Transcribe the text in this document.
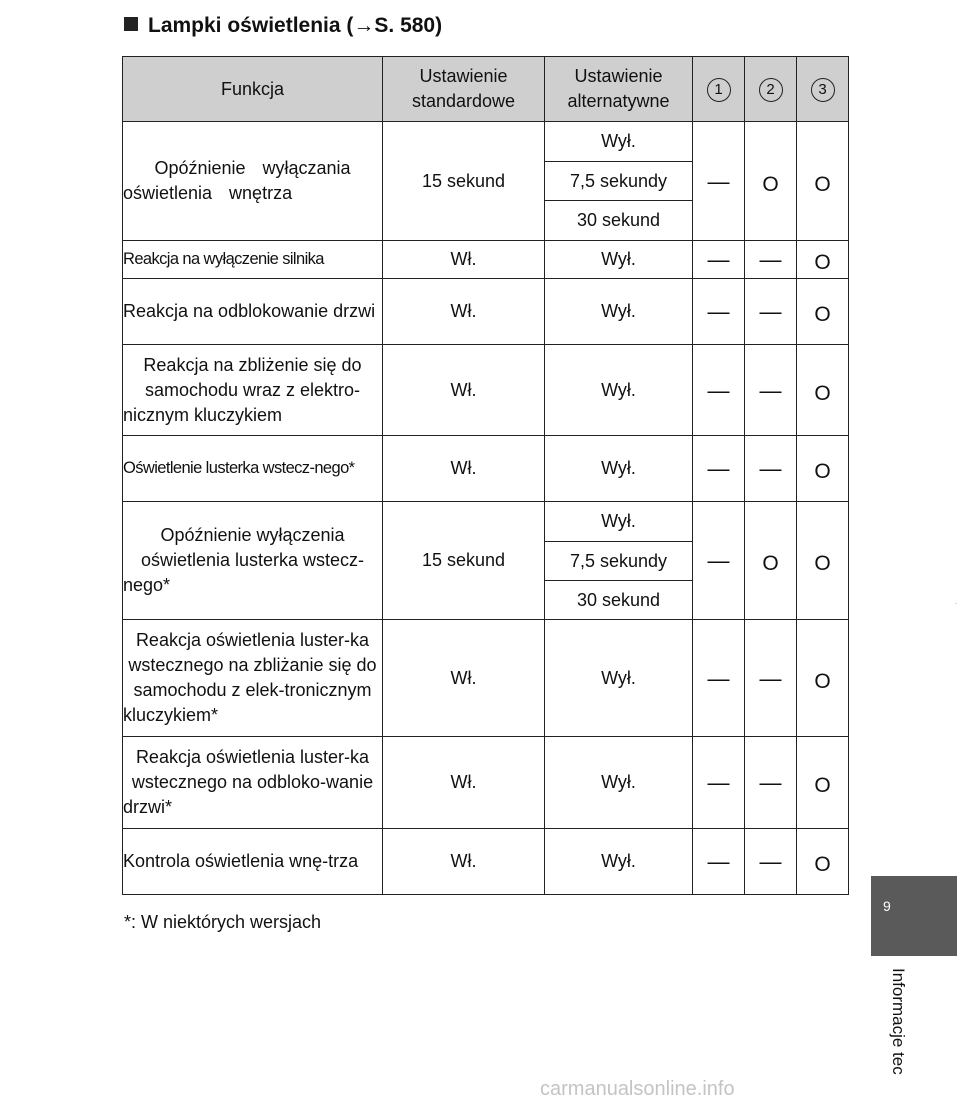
Lampki oświetlenia (→S. 580)
Funkcja	Ustawienie standardowe	Ustawienie alternatywne	1	2	3
Opóźnienie wyłączania oświetlenia wnętrza	15 sekund	Wył.	—	O	O
		7,5 sekundy			
		30 sekund			
Reakcja na wyłączenie silnika	Wł.	Wył.	—	—	O
Reakcja na odblokowanie drzwi	Wł.	Wył.	—	—	O
Reakcja na zbliżenie się do samochodu wraz z elektro-nicznym kluczykiem	Wł.	Wył.	—	—	O
Oświetlenie lusterka wstecz-nego*	Wł.	Wył.	—	—	O
Opóźnienie wyłączenia oświetlenia lusterka wstecz-nego*	15 sekund	Wył.	—	O	O
		7,5 sekundy			
		30 sekund			
Reakcja oświetlenia luster-ka wstecznego na zbliżanie się do samochodu z elek-tronicznym kluczykiem*	Wł.	Wył.	—	—	O
Reakcja oświetlenia luster-ka wstecznego na odbloko-wanie drzwi*	Wł.	Wył.	—	—	O
Kontrola oświetlenia wnę-trza	Wł.	Wył.	—	—	O
*: W niektórych wersjach
.
9
Informacje tec
carmanualsonline.info
